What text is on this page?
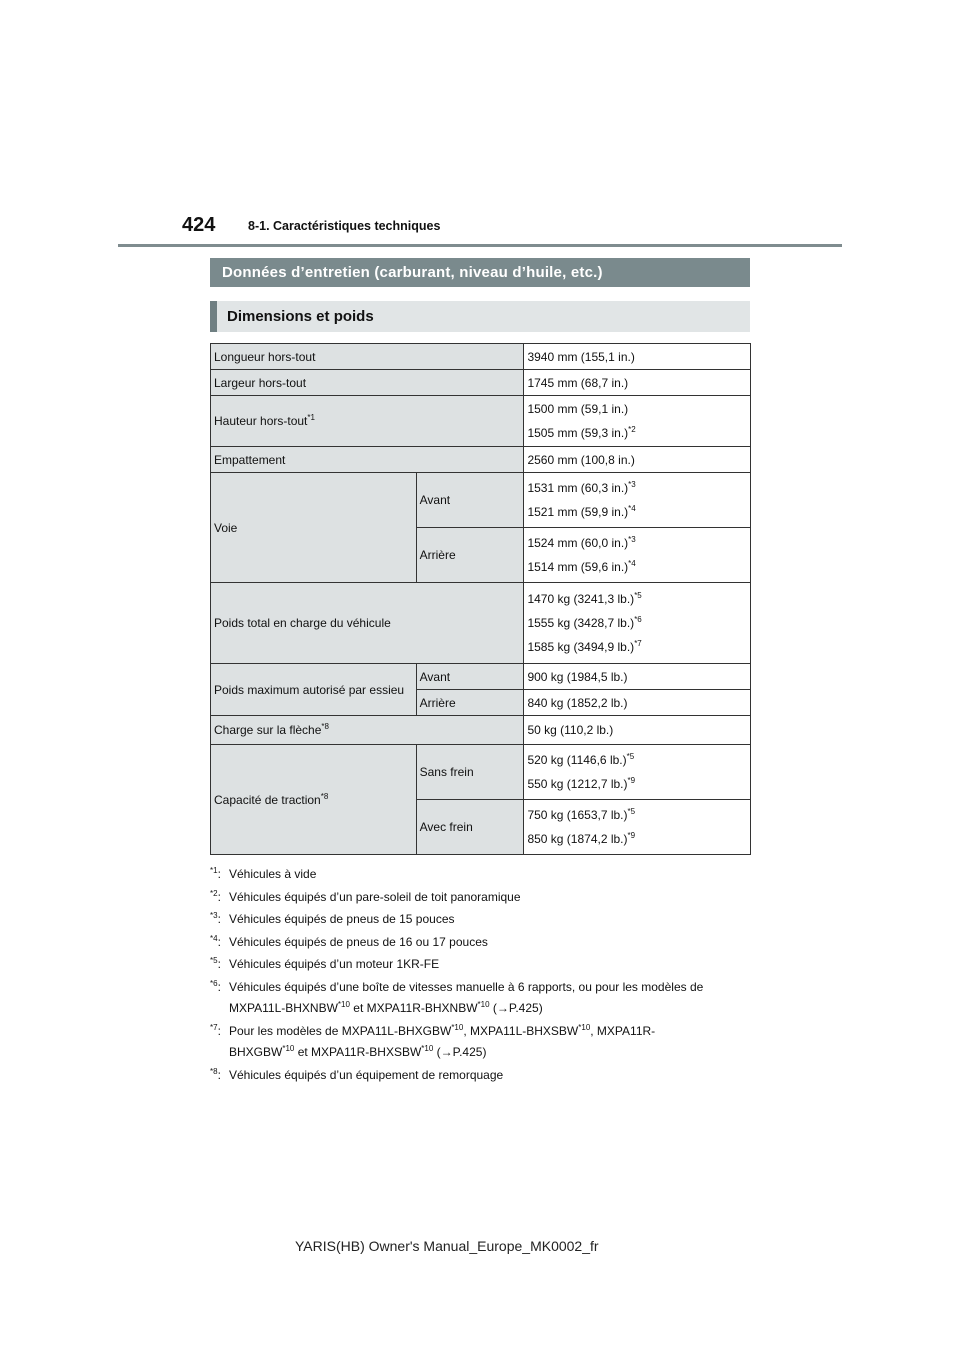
424	8-1. Caractéristiques techniques
Données d’entretien (carburant, niveau d’huile, etc.)
Dimensions et poids
Longueur hors-tout		3940 mm (155,1 in.)
Largeur hors-tout		1745 mm (68,7 in.)
Hauteur hors-tout$^{*1}$		1500 mm (59,1 in.)
1505 mm (59,3 in.)$^{*2}$

Empattement		2560 mm (100,8 in.)
Voie	Avant	1531 mm (60,3 in.)$^{*3}$
1521 mm (59,9 in.)$^{*4}$

	Arrière	1524 mm (60,0 in.)$^{*3}$
1514 mm (59,6 in.)$^{*4}$

Poids total en charge du véhicule		1470 kg (3241,3 lb.)$^{*5}$
1555 kg (3428,7 lb.)$^{*6}$
1585 kg (3494,9 lb.)$^{*7}$

Poids maximum autorisé par essieu	Avant	900 kg (1984,5 lb.)
	Arrière	840 kg (1852,2 lb.)
Charge sur la flèche$^{*8}$		50 kg (110,2 lb.)
Capacité de traction$^{*8}$	Sans frein	520 kg (1146,6 lb.)$^{*5}$
550 kg (1212,7 lb.)$^{*9}$

	Avec frein	750 kg (1653,7 lb.)$^{*5}$
850 kg (1874,2 lb.)$^{*9}$
$^{*1}$: Véhicules à vide
$^{*2}$: Véhicules équipés d’un pare-soleil de toit panoramique
$^{*3}$: Véhicules équipés de pneus de 15 pouces
$^{*4}$: Véhicules équipés de pneus de 16 ou 17 pouces
$^{*5}$: Véhicules équipés d’un moteur 1KR-FE
$^{*6}$: Véhicules équipés d’une boîte de vitesses manuelle à 6 rapports, ou pour les modèles de
MXPA11L-BHXNBW$^{*10}$ et MXPA11R-BHXNBW$^{*10}$ (→P.425)
$^{*7}$: Pour les modèles de MXPA11L-BHXGBW$^{*10}$, MXPA11L-BHXSBW$^{*10}$, MXPA11R-
BHXGBW$^{*10}$ et MXPA11R-BHXSBW$^{*10}$ (→P.425)
$^{*8}$: Véhicules équipés d’un équipement de remorquage
YARIS(HB) Owner's Manual_Europe_MK0002_fr
